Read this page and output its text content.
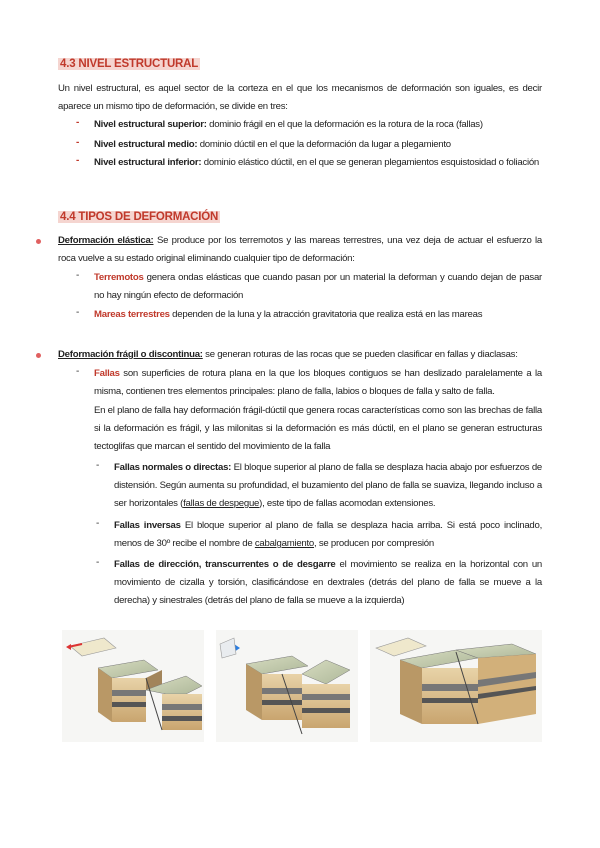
4.3 NIVEL ESTRUCTURAL
Un nivel estructural, es aquel sector de la corteza en el que los mecanismos de deformación son iguales, es decir aparece un mismo tipo de deformación, se divide en tres:
- Nivel estructural superior: dominio frágil en el que la deformación es la rotura de la roca (fallas)
- Nivel estructural medio: dominio dúctil en el que la deformación da lugar a plegamiento
- Nivel estructural inferior: dominio elástico dúctil, en el que se generan plegamientos esquistosidad o foliación
4.4 TIPOS DE DEFORMACIÓN
Deformación elástica: Se produce por los terremotos y las mareas terrestres, una vez deja de actuar el esfuerzo la roca vuelve a su estado original eliminando cualquier tipo de deformación:
- Terremotos genera ondas elásticas que cuando pasan por un material la deforman y cuando dejan de pasar no hay ningún efecto de deformación
- Mareas terrestres dependen de la luna y la atracción gravitatoria que realiza está en las mareas
Deformación frágil o discontinua: se generan roturas de las rocas que se pueden clasificar en fallas y diaclasas:
- Fallas son superficies de rotura plana en la que los bloques contiguos se han deslizado paralelamente a la misma, contienen tres elementos principales: plano de falla, labios o bloques de falla y salto de falla.
En el plano de falla hay deformación frágil-dúctil que genera rocas características como son las brechas de falla si la deformación es frágil, y las milonitas si la deformación es más dúctil, en el plano se generan estructuras tectoglifas que marcan el sentido del movimiento de la falla
- Fallas normales o directas: El bloque superior al plano de falla se desplaza hacia abajo por esfuerzos de distensión. Según aumenta su profundidad, el buzamiento del plano de falla se suaviza, llegando incluso a ser horizontales (fallas de despegue), este tipo de fallas acomodan extensiones.
- Fallas inversas El bloque superior al plano de falla se desplaza hacia arriba. Si está poco inclinado, menos de 30º recibe el nombre de cabalgamiento, se producen por compresión
- Fallas de dirección, transcurrentes o de desgarre el movimiento se realiza en la horizontal con un movimiento de cizalla y torsión, clasificándose en dextrales (detrás del plano de falla se mueve a la derecha) y sinestrales (detrás del plano de falla se mueve a la izquierda)
